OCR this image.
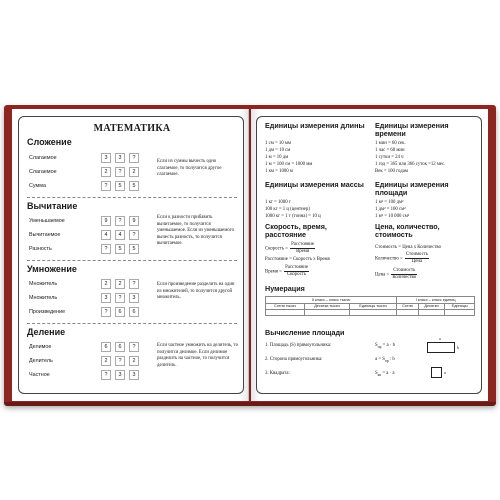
МАТЕМАТИКА
Сложение
Слагаемое	3	3	?
Слагаемое	2	?	2
Сумма	?	5	5
Если из суммы вычесть одно слагаемое, то получится другое слагаемое.
Вычитание
Уменьшаемое	9	?	9
Вычитаемое	4	4	?
Разность	?	5	5
Если к разности прибавить вычитаемое, то получится уменьшаемое. Если из уменьшаемого вычесть разность, то получится вычитаемое.
Умножение
Множитель	2	2	?
Множитель	3	?	3
Произведение	?	6	6
Если произведение разделить на один из множителей, то получится другой множитель.
Деление
Делимое	6	6	?
Делитель	2	?	2
Частное	?	3	3
Если частное умножить на делитель, то получится делимое. Если делимое разделить на частное, то получится делитель.
Единицы измерения длины
1 см = 10 мм
1 дм = 10 см
1 м = 10 дм
1 м = 100 см = 1000 мм
1 км = 1000 м
Единицы измерения времени
1 мин = 60 сек.
1 час = 60 мин
1 сутки = 24 ч
1 год = 365 или 366 суток =12 мес.
Век = 100 годам
Единицы измерения массы
1 кг = 1000 г
100 кг = 1 ц (центнер)
1000 кг = 1 т (тонна) = 10 ц
Единицы измерения площади
1 м² = 100 дм²
1 дм² = 100 см²
1 м² = 10 000 см²
Скорость, время, расстояние
Скорость = $\frac{\text{Расстояние}}{\text{Время}}$
Расстояние = Скорость х Время
Время = $\frac{\text{Расстояние}}{\text{Скорость}}$
Цена, количество, стоимость
Стоимость = Цена х Количество
Количество = $\frac{\text{Стоимость}}{\text{Цена}}$
Цена = $\frac{\text{Стоимость}}{\text{Количество}}$
Нумерация
II класс – класс тысяч			I класс – класс единиц		
Сотни тысяч	Десятки тысяч	Единицы тысяч	Сотни	Десятки	Единицы

Вычисление площади
1. Площадь (S) прямоугольника:	$S_{пр} = a \cdot b$
2. Сторона прямоугольника:	$a = S_{пр}$ : b
3. Квадрата:	$S_{кв} = a \cdot a$
a
b
a
